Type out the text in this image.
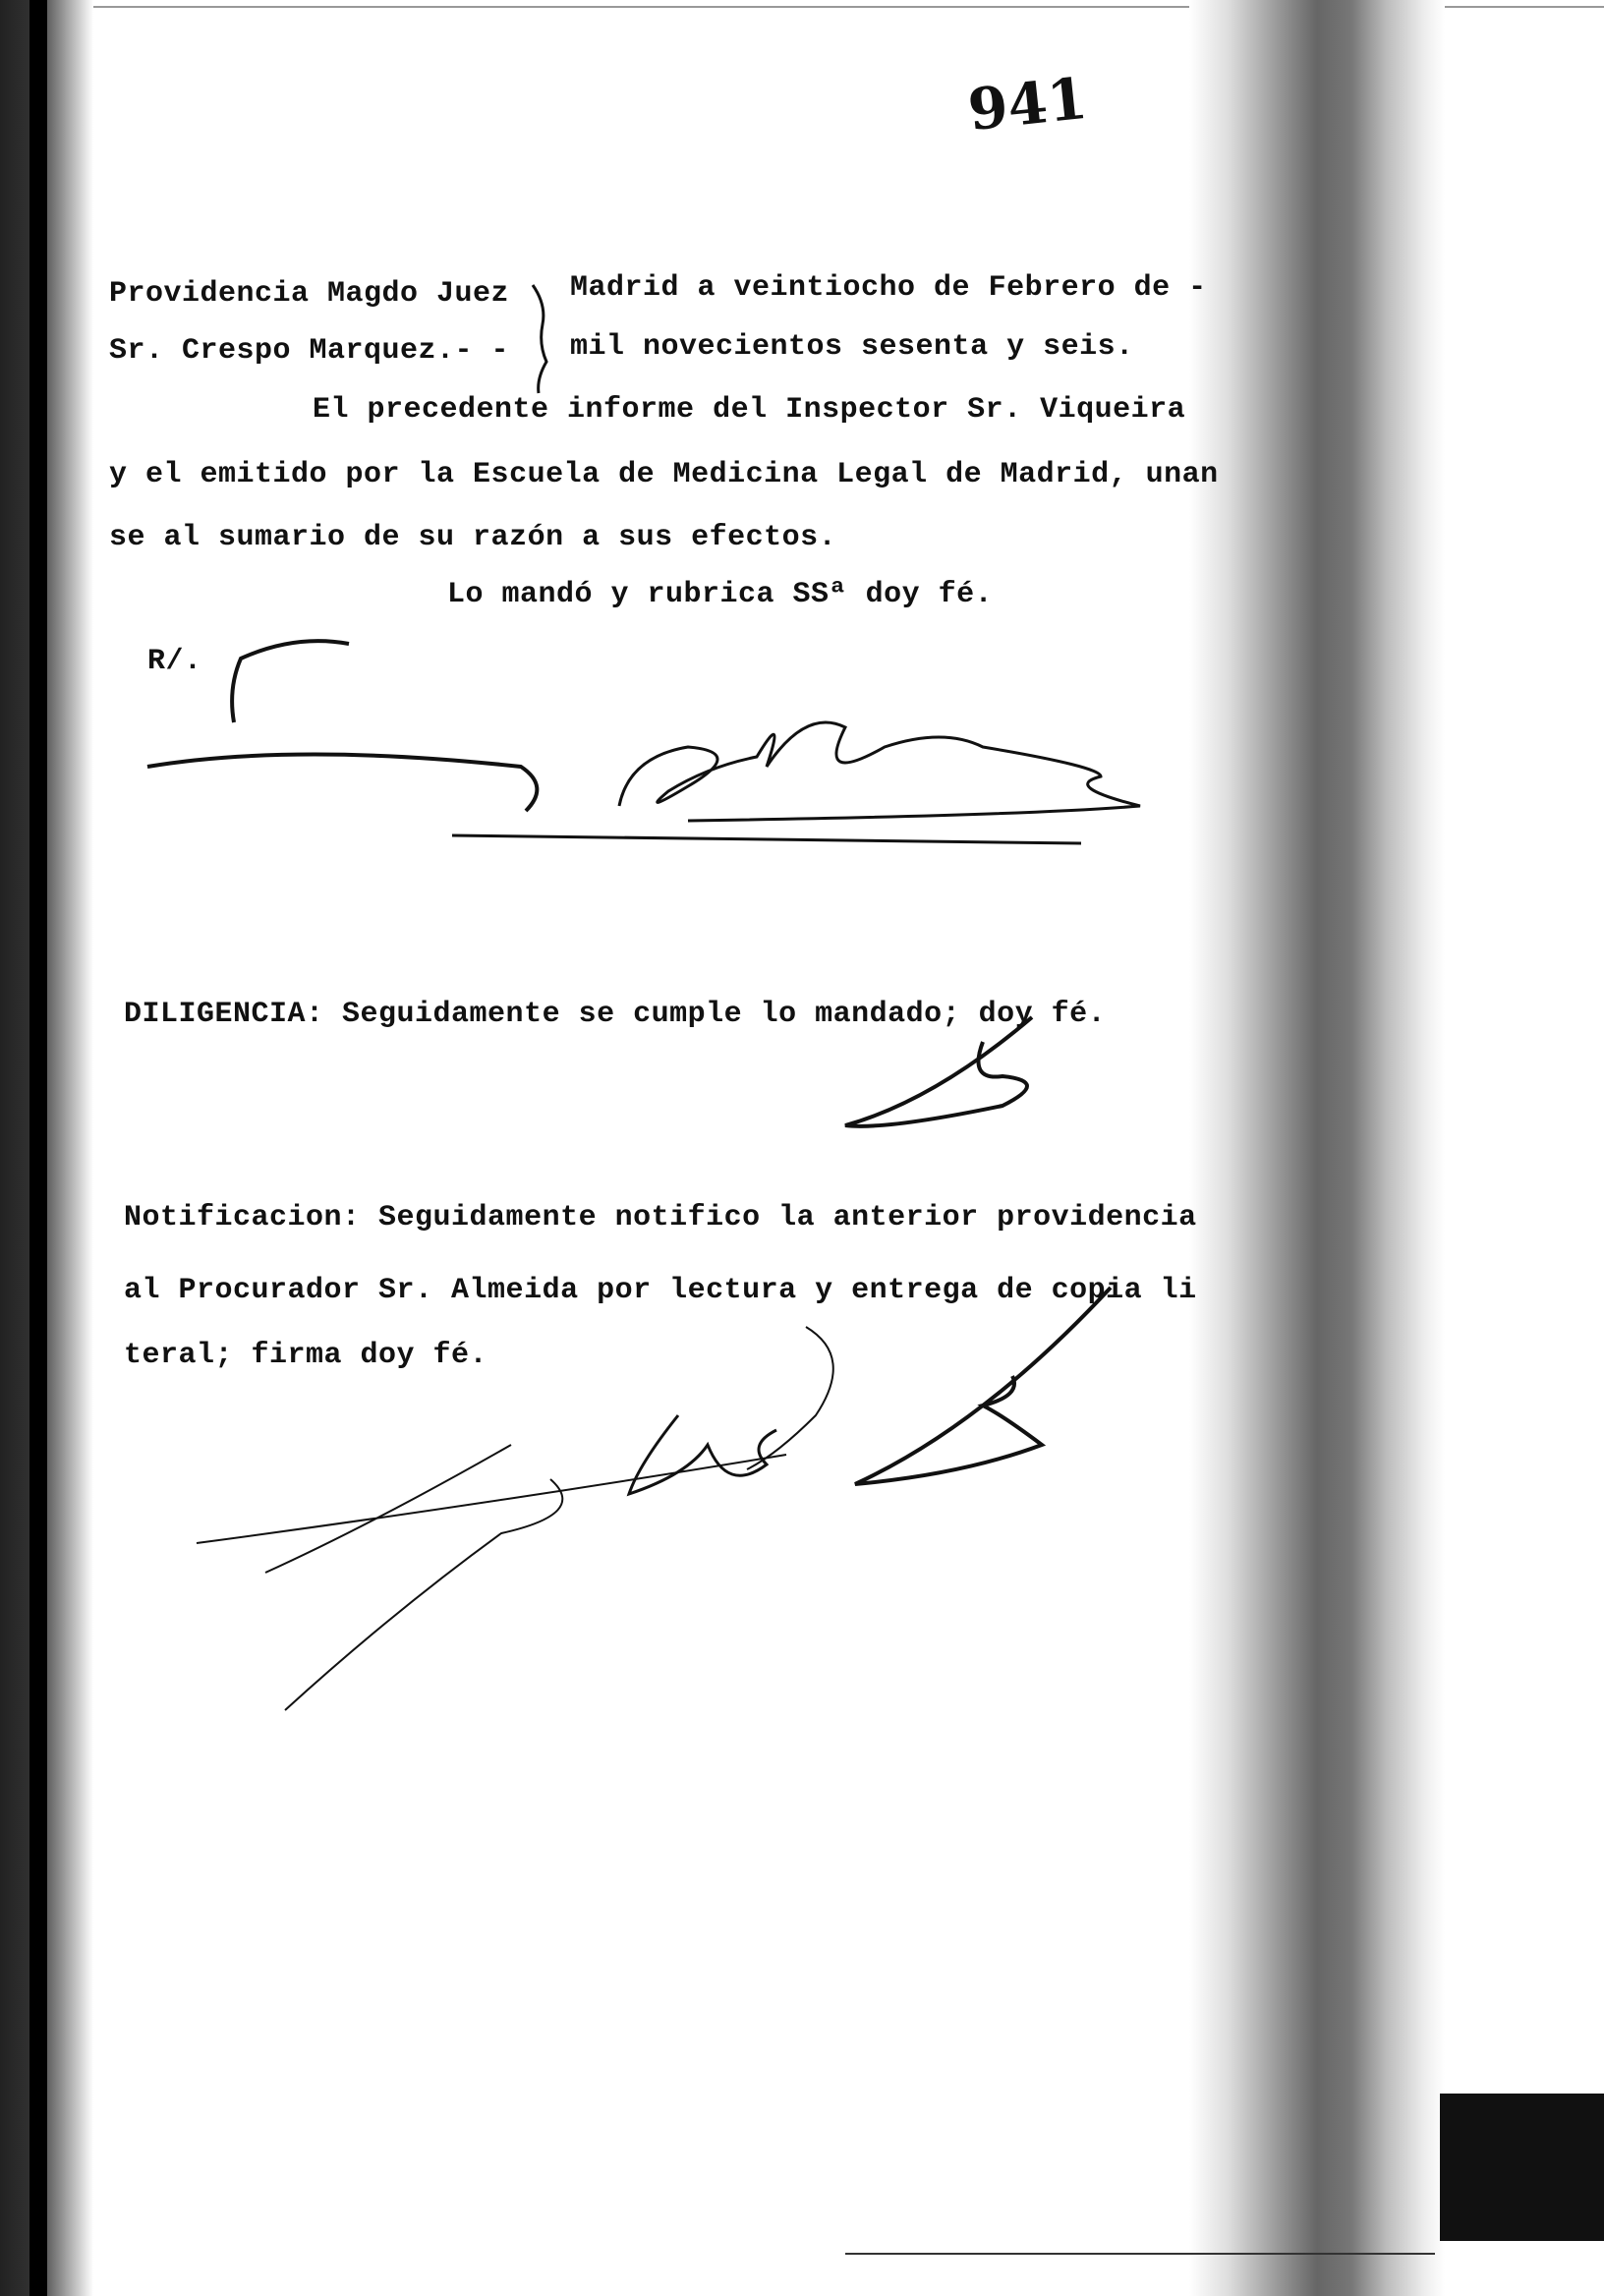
941
Providencia Magdo Juez
Sr. Crespo Marquez.- -
Madrid a veintiocho de Febrero de -
mil novecientos sesenta y seis.
El precedente informe del Inspector Sr. Viqueira
y el emitido por la Escuela de Medicina Legal de Madrid, unan
se al sumario de su razón a sus efectos.
Lo mandó y rubrica SSª doy fé.
R/.
DILIGENCIA: Seguidamente se cumple lo mandado; doy fé.
Notificacion: Seguidamente notifico la anterior providencia
al Procurador Sr. Almeida por lectura y entrega de copia li
teral; firma doy fé.
